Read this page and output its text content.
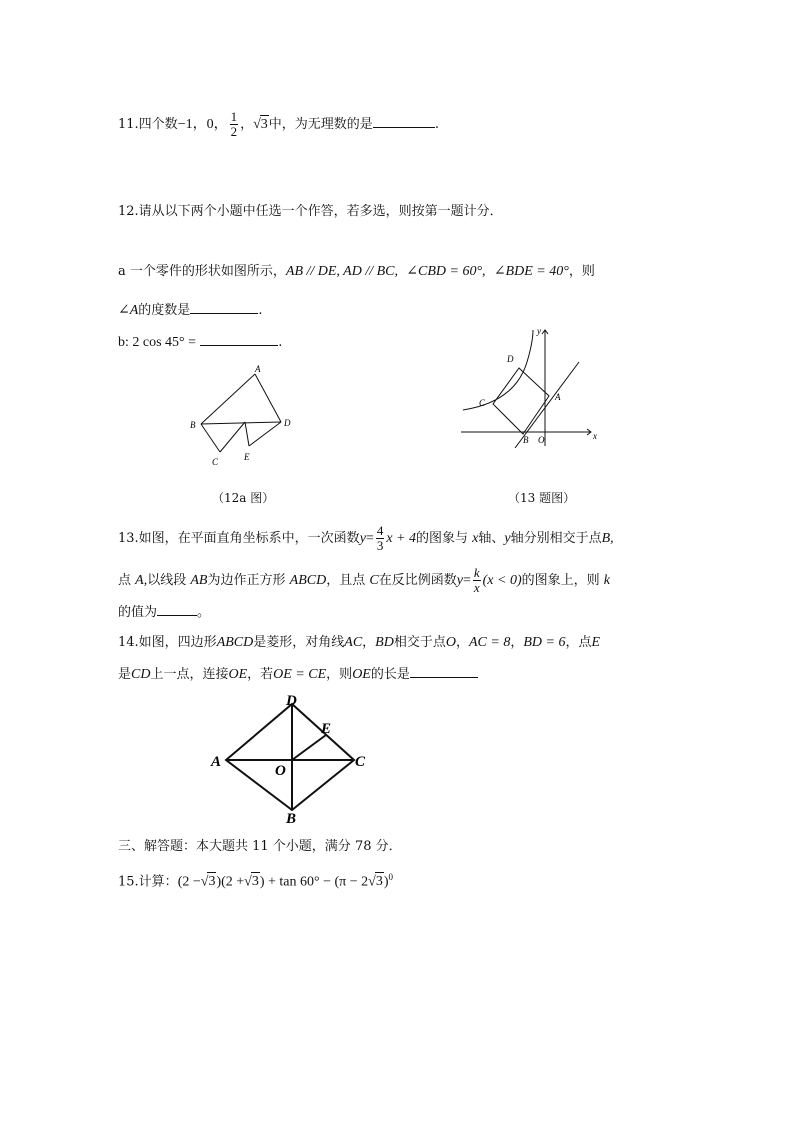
11.四个数−1，0， $\frac{1}{2}$ ，√3中，为无理数的是	.
12.请从以下两个小题中任选一个作答，若多选，则按第一题计分．
a 一个零件的形状如图所示，AB // DE, AD // BC, ∠CBD = 60°, ∠BDE = 40°，则
∠A的度数是	.
b: 2 cos 45° =	.
A
B
C
D
E
（12a 图）
D
C
A
B O	x
y
（13 题图）
13.如图，在平面直角坐标系中，一次函数$y= \frac{4}{3}$ x + 4的图象与 x轴、y轴分别相交于点B,
点 A,以线段 AB为边作正方形 ABCD，且点 C在反比例函数$y= \frac{k}{x} (x < 0)$的图象上，则 k
的值为	。
14.如图，四边形ABCD是菱形，对角线AC，BD相交于点O，AC = 8，BD = 6，点E
是CD上一点，连接OE，若OE = CE，则OE的长是
A
D
E
O
C
B
三、解答题：本大题共 11 个小题，满分 78 分．
15.计算：$(2 -√3)(2 +√3) + \tan 60^\circ - (\pi - 2√3)^0$
